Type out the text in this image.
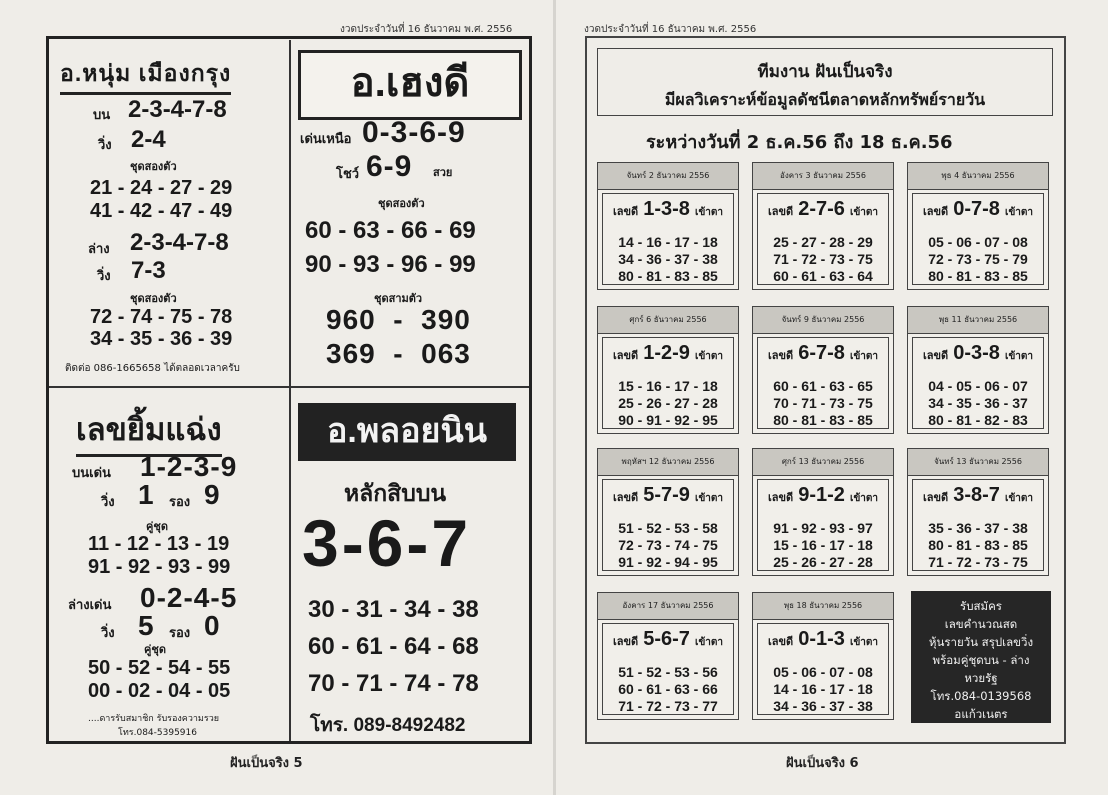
งวดประจำวันที่ 16 ธันวาคม พ.ศ. 2556
ฝันเป็นจริง 5
อ.หนุ่ม เมืองกรุง
บน 2-3-4-7-8
วิ่ง 2-4
ชุดสองตัว
21 - 24 - 27 - 29
41 - 42 - 47 - 49
ล่าง 2-3-4-7-8
วิ่ง 7-3
ชุดสองตัว
72 - 74 - 75 - 78
34 - 35 - 36 - 39
ติดต่อ 086-1665658 ได้ตลอดเวลาครับ
อ.เฮงดี
เด่นเหนือ 0-3-6-9
โชว์ 6-9 สวย
ชุดสองตัว
60 - 63 - 66 - 69
90 - 93 - 96 - 99
ชุดสามตัว
960  -  390
369  -  063
เลขยิ้มแฉ่ง
บนเด่น 1-2-3-9
วิ่ง 1 รอง 9
คู่ชุด
11 - 12 - 13 - 19
91 - 92 - 93 - 99
ล่างเด่น 0-2-4-5
วิ่ง 5 รอง 0
คู่ชุด
50 - 52 - 54 - 55
00 - 02 - 04 - 05
....ดารรับสมาชิก รับรองความรวย
โทร.084-5395916
อ.พลอยนิน
หลักสิบบน
3-6-7
30 - 31 - 34 - 38
60 - 61 - 64 - 68
70 - 71 - 74 - 78
โทร. 089-8492482
งวดประจำวันที่ 16 ธันวาคม พ.ศ. 2556
ฝันเป็นจริง 6
ทีมงาน ฝันเป็นจริง
มีผลวิเคราะห์ข้อมูลดัชนีตลาดหลักทรัพย์รายวัน
ระหว่างวันที่ 2 ธ.ค.56 ถึง 18 ธ.ค.56
จันทร์ 2 ธันวาคม 2556
เลขดี 1-3-8 เข้าตา
14 - 16 - 17 - 18
34 - 36 - 37 - 38
80 - 81 - 83 - 85
อังคาร 3 ธันวาคม 2556
เลขดี 2-7-6 เข้าตา
25 - 27 - 28 - 29
71 - 72 - 73 - 75
60 - 61 - 63 - 64
พุธ 4 ธันวาคม 2556
เลขดี 0-7-8 เข้าตา
05 - 06 - 07 - 08
72 - 73 - 75 - 79
80 - 81 - 83 - 85
ศุกร์ 6 ธันวาคม 2556
เลขดี 1-2-9 เข้าตา
15 - 16 - 17 - 18
25 - 26 - 27 - 28
90 - 91 - 92 - 95
จันทร์ 9 ธันวาคม 2556
เลขดี 6-7-8 เข้าตา
60 - 61 - 63 - 65
70 - 71 - 73 - 75
80 - 81 - 83 - 85
พุธ 11 ธันวาคม 2556
เลขดี 0-3-8 เข้าตา
04 - 05 - 06 - 07
34 - 35 - 36 - 37
80 - 81 - 82 - 83
พฤหัสฯ 12 ธันวาคม 2556
เลขดี 5-7-9 เข้าตา
51 - 52 - 53 - 58
72 - 73 - 74 - 75
91 - 92 - 94 - 95
ศุกร์ 13 ธันวาคม 2556
เลขดี 9-1-2 เข้าตา
91 - 92 - 93 - 97
15 - 16 - 17 - 18
25 - 26 - 27 - 28
จันทร์ 13 ธันวาคม 2556
เลขดี 3-8-7 เข้าตา
35 - 36 - 37 - 38
80 - 81 - 83 - 85
71 - 72 - 73 - 75
อังคาร 17 ธันวาคม 2556
เลขดี 5-6-7 เข้าตา
51 - 52 - 53 - 56
60 - 61 - 63 - 66
71 - 72 - 73 - 77
พุธ 18 ธันวาคม 2556
เลขดี 0-1-3 เข้าตา
05 - 06 - 07 - 08
14 - 16 - 17 - 18
34 - 36 - 37 - 38
รับสมัคร
เลขคำนวณสด
หุ้นรายวัน สรุปเลขวิ่ง
พร้อมคู่ชุดบน - ล่าง
หวยรัฐ
โทร.084-0139568
อแก้วเนตร
